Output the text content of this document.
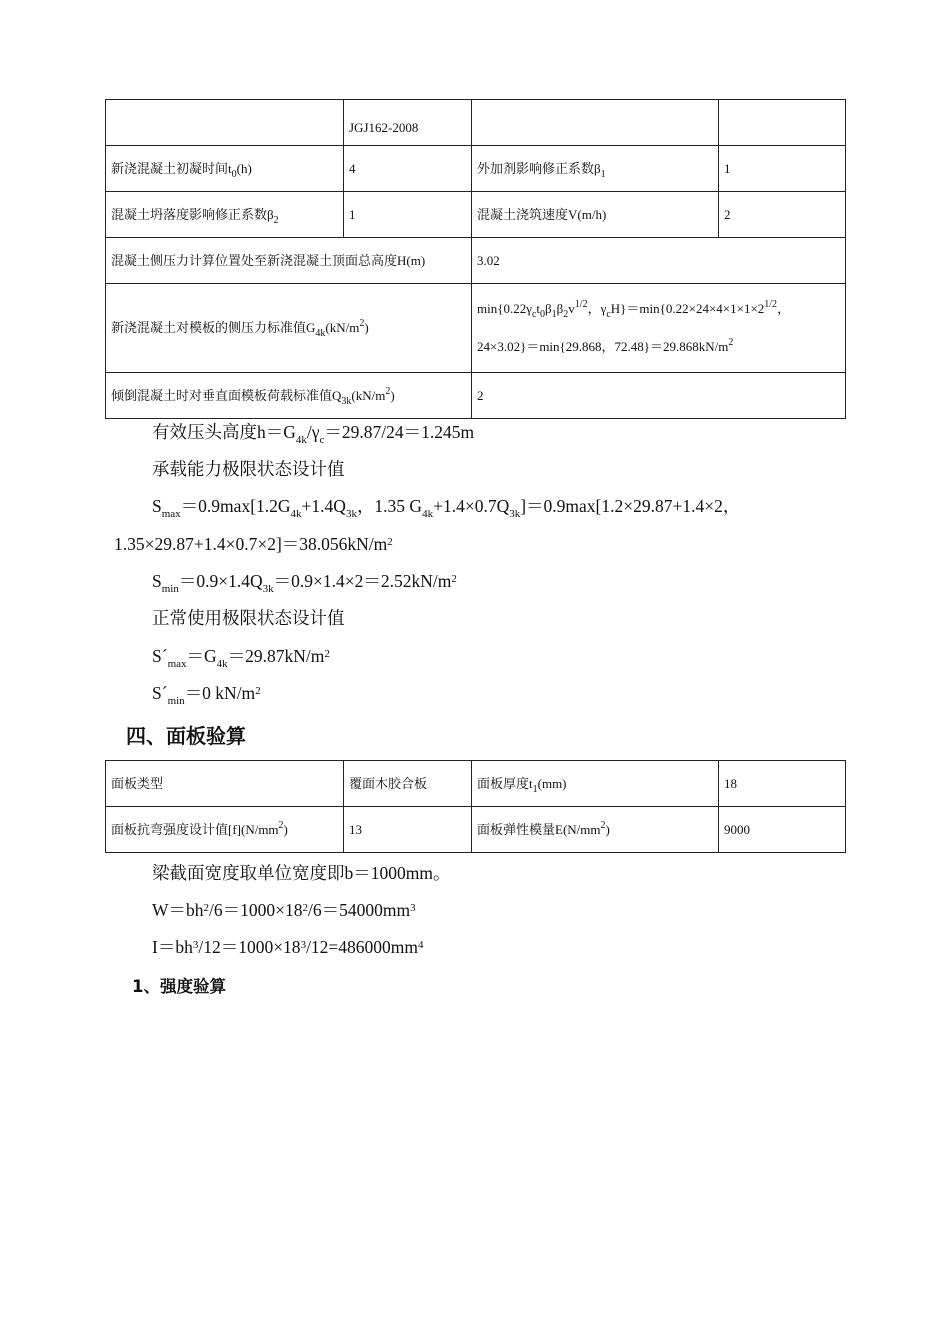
	JGJ162-2008		
新浇混凝土初凝时间$t_0(h)$	4	外加剂影响修正系数$\beta_1$	1
混凝土坍落度影响修正系数$\beta_2$	1	混凝土浇筑速度V(m/h)	2
混凝土侧压力计算位置处至新浇混凝土顶面总高度H(m)		3.02	
新浇混凝土对模板的侧压力标准值$G_{4k}(kN/m^2)$		$\min\{0.22\gamma_ct_0\beta_1\beta_2v^{1/2}$，$\gamma_cH\}=\min\{0.22\times 24\times 4\times 1\times 1\times 2^{1/2}$，
24×3.02}＝min{29.868，$72.48\}=29.868kN/m^2$
倾倒混凝土时对垂直面模板荷载标准值$Q_{3k}(kN/m^2)$		2	
有效压头高度$h=G_{4k}/\gamma_c=29.87/24=1.245m$
承载能力极限状态设计值
$S_{max}=0.9\max[1.2G_{4k}+1.4Q_{3k}$，1.35 $G_{4k}+1.4\times 0.7Q_{3k}]=0.9\max[1.2\times 29.87+1.4\times 2$，
$1.35\times 29.87+1.4\times 0.7\times 2]=38.056kN/m^2$
$S_{min}=0.9\times 1.4Q_{3k}=0.9\times 1.4\times 2=2.52kN/m^2$
正常使用极限状态设计值
$S´_{max}=G_{4k}=29.87kN/m^2$
$S´_{min}=0$ $kN/m^2$
四、面板验算
面板类型	覆面木胶合板	面板厚度$t_1(mm)$	18
面板抗弯强度设计值$[f](N/mm^2)$	13	面板弹性模量$E(N/mm^2)$	9000
梁截面宽度取单位宽度即b＝1000mm。
$W=bh^2/6=1000\times 18^2/6=54000mm^3$
$I=bh^3/12=1000\times 18^3/12=486000mm^4$
1、强度验算
